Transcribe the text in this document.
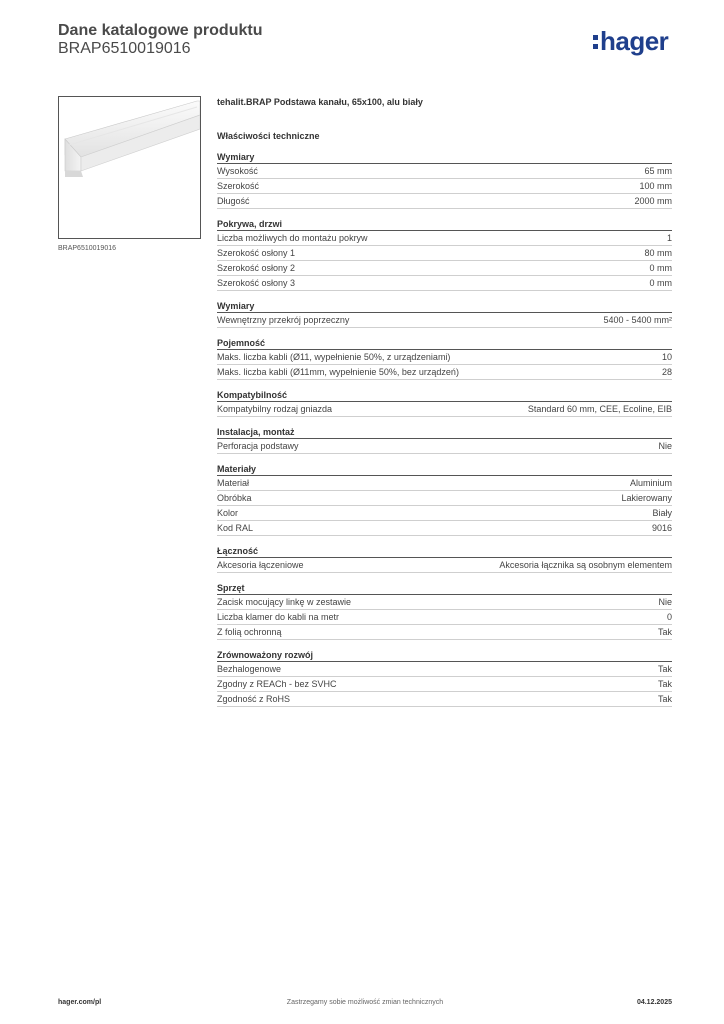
Dane katalogowe produktu
BRAP6510019016	hager
BRAP6510019016
tehalit.BRAP Podstawa kanału, 65x100, alu biały
Właściwości techniczne
Wymiary
Wysokość	65 mm
Szerokość	100 mm
Długość	2000 mm
Pokrywa, drzwi
Liczba możliwych do montażu pokryw	1
Szerokość osłony 1	80 mm
Szerokość osłony 2	0 mm
Szerokość osłony 3	0 mm
Wymiary
Wewnętrzny przekrój poprzeczny	5400 - 5400 mm²
Pojemność
Maks. liczba kabli (Ø11, wypełnienie 50%, z urządzeniami)	10
Maks. liczba kabli (Ø11mm, wypełnienie 50%, bez urządzeń)	28
Kompatybilność
Kompatybilny rodzaj gniazda	Standard 60 mm, CEE, Ecoline, EIB
Instalacja, montaż
Perforacja podstawy	Nie
Materiały
Materiał	Aluminium
Obróbka	Lakierowany
Kolor	Biały
Kod RAL	9016
Łączność
Akcesoria łączeniowe	Akcesoria łącznika są osobnym elementem
Sprzęt
Zacisk mocujący linkę w zestawie	Nie
Liczba klamer do kabli na metr	0
Z folią ochronną	Tak
Zrównoważony rozwój
Bezhalogenowe	Tak
Zgodny z REACh - bez SVHC	Tak
Zgodność z RoHS	Tak
hager.com/pl	Zastrzegamy sobie możliwość zmian technicznych	04.12.2025
